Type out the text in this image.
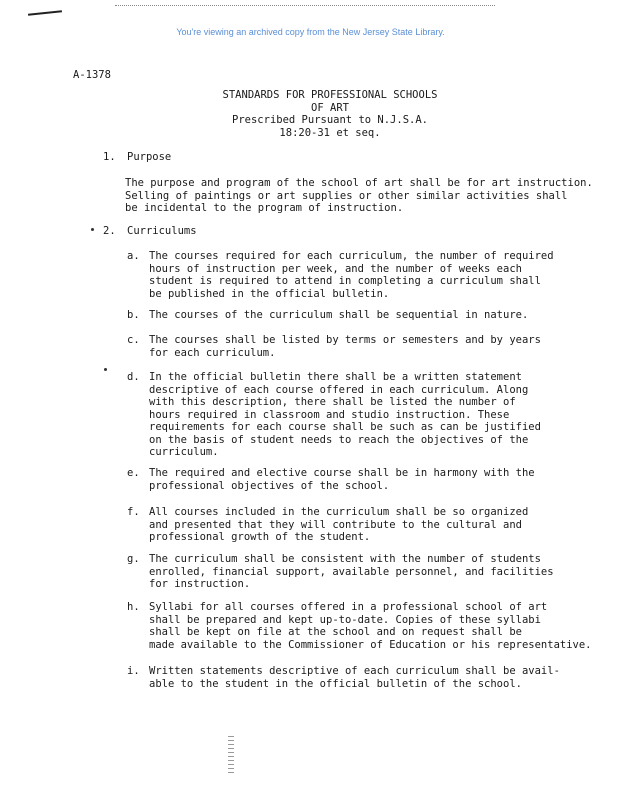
You're viewing an archived copy from the New Jersey State Library.
A-1378
STANDARDS FOR PROFESSIONAL SCHOOLS
OF ART
Prescribed Pursuant to N.J.S.A.
18:20-31 et seq.
1. Purpose
The purpose and program of the school of art shall be for art instruction.
Selling of paintings or art supplies or other similar activities shall
be incidental to the program of instruction.
2. Curriculums
a. The courses required for each curriculum, the number of required
hours of instruction per week, and the number of weeks each
student is required to attend in completing a curriculum shall
be published in the official bulletin.
b. The courses of the curriculum shall be sequential in nature.
c. The courses shall be listed by terms or semesters and by years
for each curriculum.
d. In the official bulletin there shall be a written statement
descriptive of each course offered in each curriculum. Along
with this description, there shall be listed the number of
hours required in classroom and studio instruction. These
requirements for each course shall be such as can be justified
on the basis of student needs to reach the objectives of the
curriculum.
e. The required and elective course shall be in harmony with the
professional objectives of the school.
f. All courses included in the curriculum shall be so organized
and presented that they will contribute to the cultural and
professional growth of the student.
g. The curriculum shall be consistent with the number of students
enrolled, financial support, available personnel, and facilities
for instruction.
h. Syllabi for all courses offered in a professional school of art
shall be prepared and kept up-to-date. Copies of these syllabi
shall be kept on file at the school and on request shall be
made available to the Commissioner of Education or his representative.
i. Written statements descriptive of each curriculum shall be avail-
able to the student in the official bulletin of the school.
